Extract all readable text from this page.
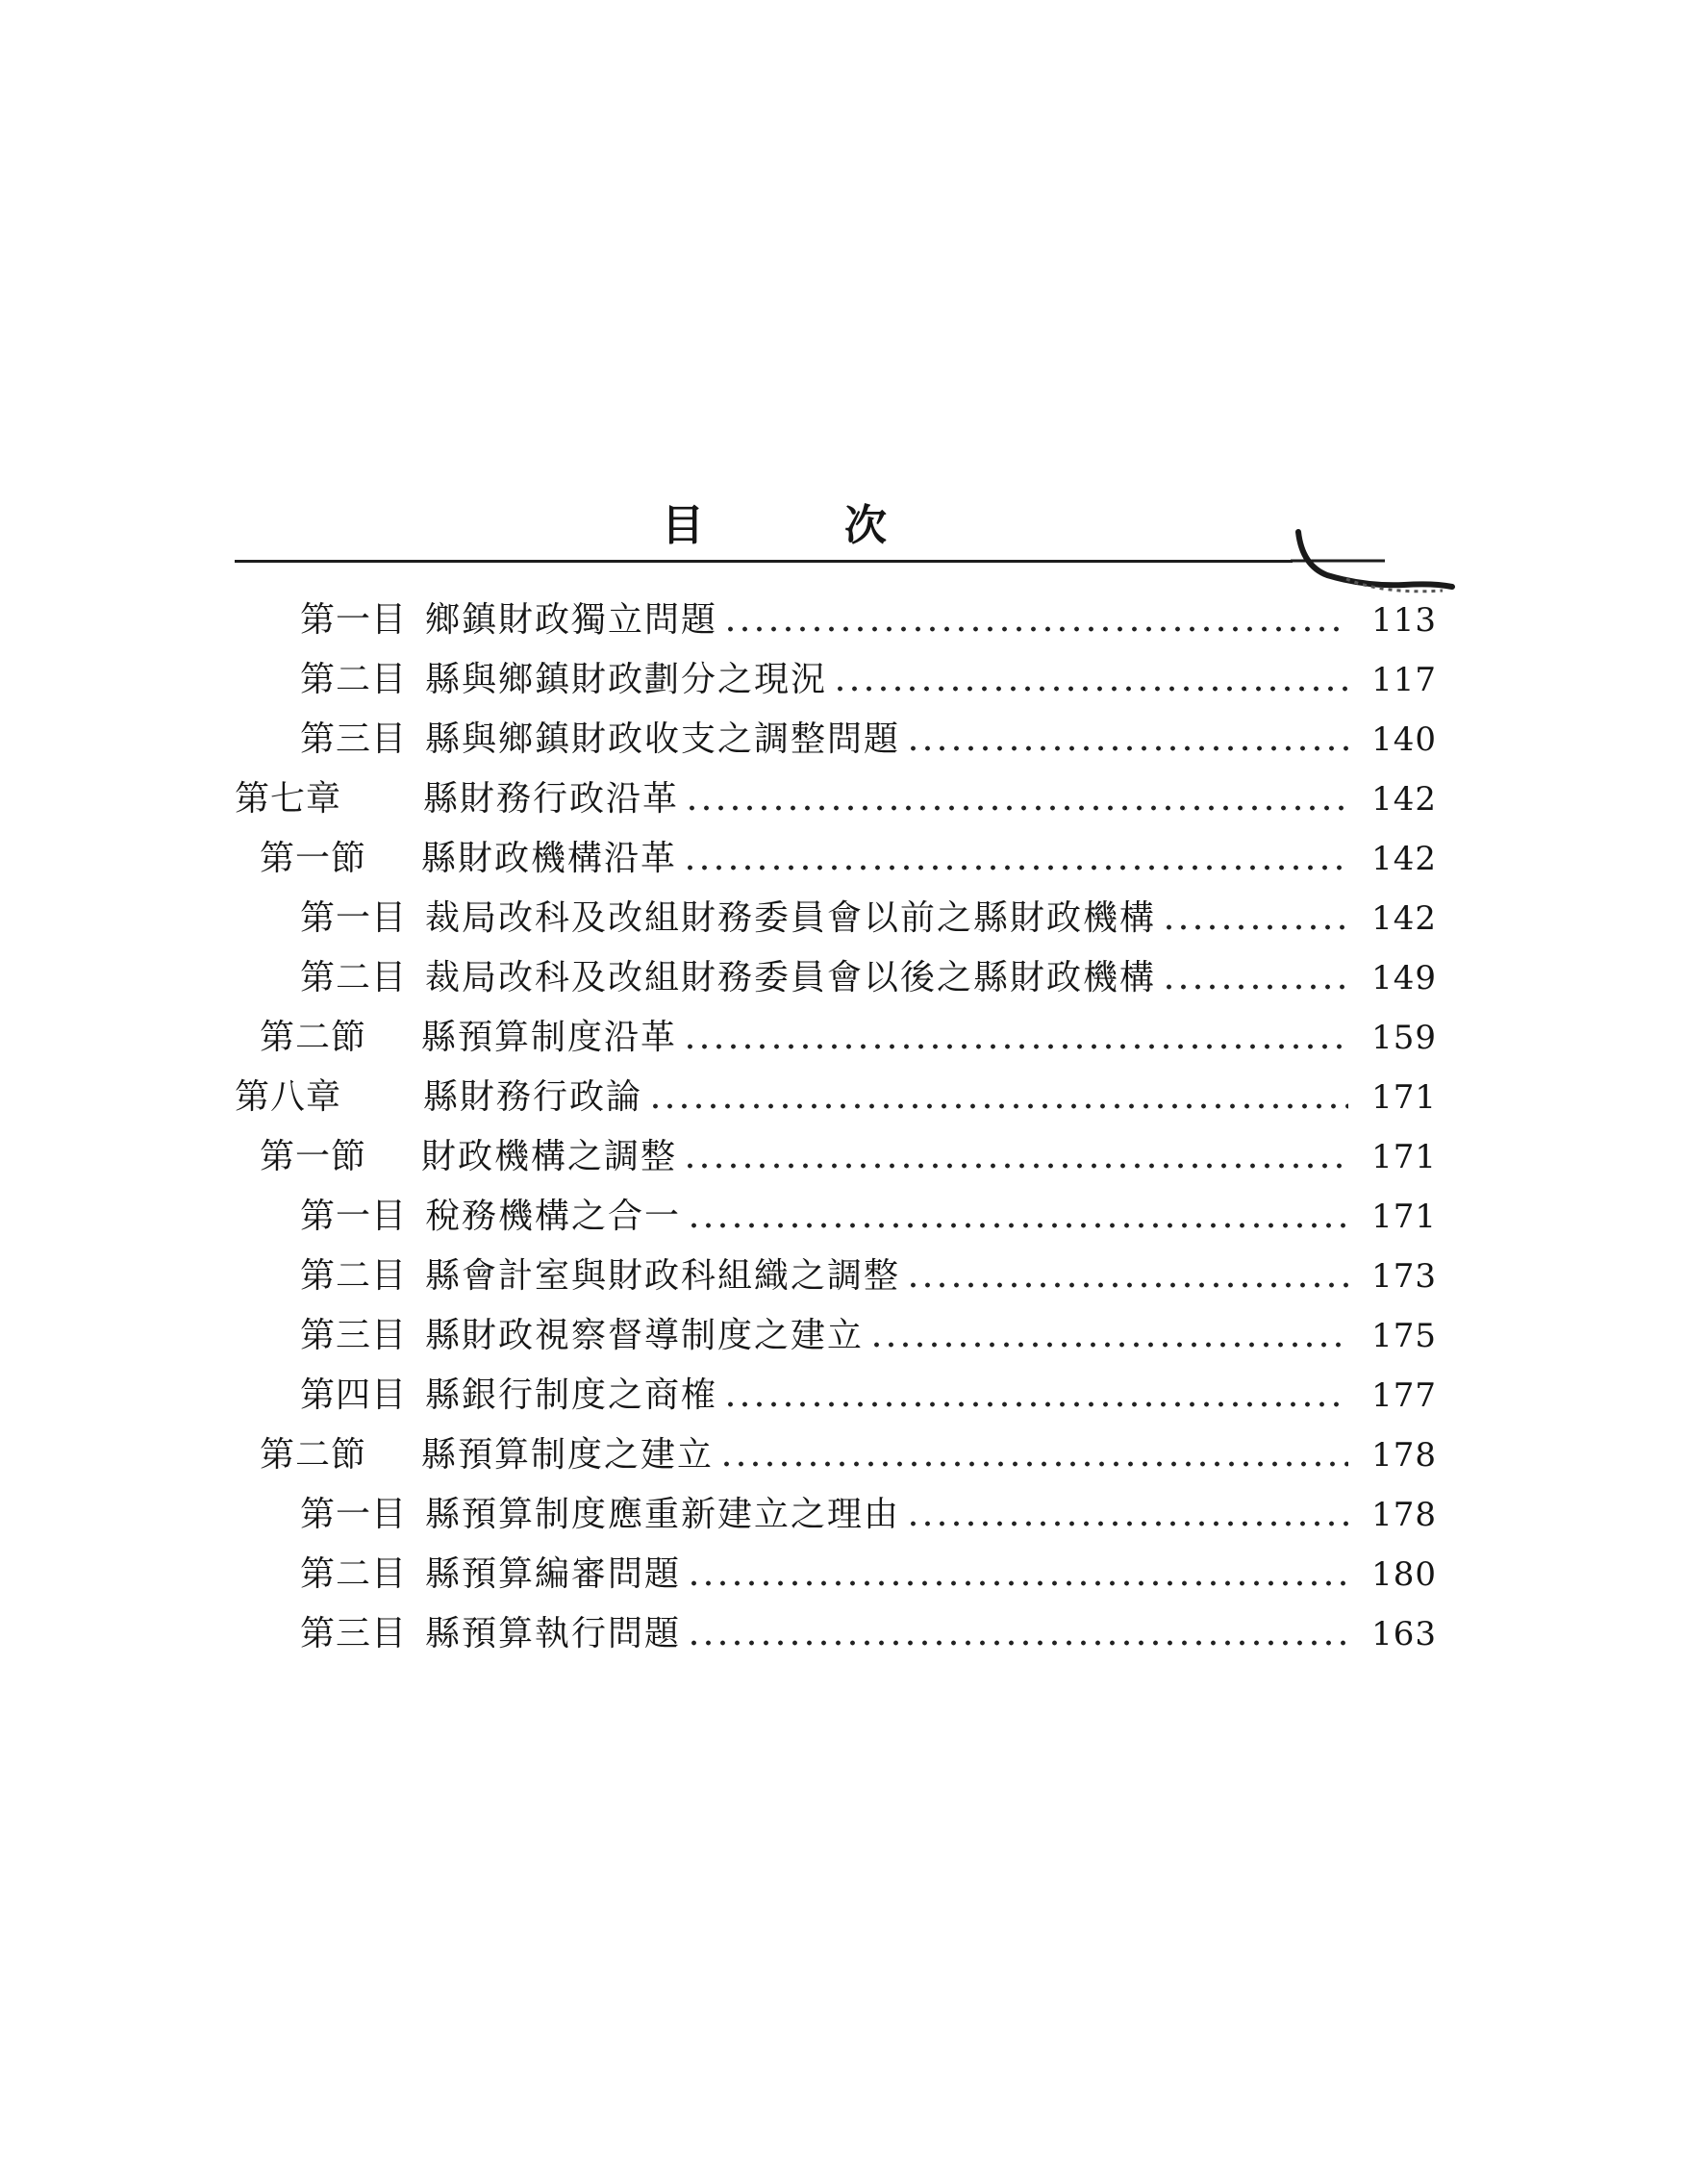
目	次
第一目 鄉鎮財政獨立問題	113
第二目 縣與鄉鎮財政劃分之現況	117
第三目 縣與鄉鎮財政收支之調整問題	140
第七章	縣財務行政沿革	142
第一節	縣財政機構沿革	142
第一目 裁局改科及改組財務委員會以前之縣財政機構	142
第二目 裁局改科及改組財務委員會以後之縣財政機構	149
第二節	縣預算制度沿革	159
第八章	縣財務行政論	171
第一節	財政機構之調整	171
第一目 稅務機構之合一	171
第二目 縣會計室與財政科組織之調整	173
第三目 縣財政視察督導制度之建立	175
第四目 縣銀行制度之商榷	177
第二節	縣預算制度之建立	178
第一目 縣預算制度應重新建立之理由	178
第二目 縣預算編審問題	180
第三目 縣預算執行問題	163
